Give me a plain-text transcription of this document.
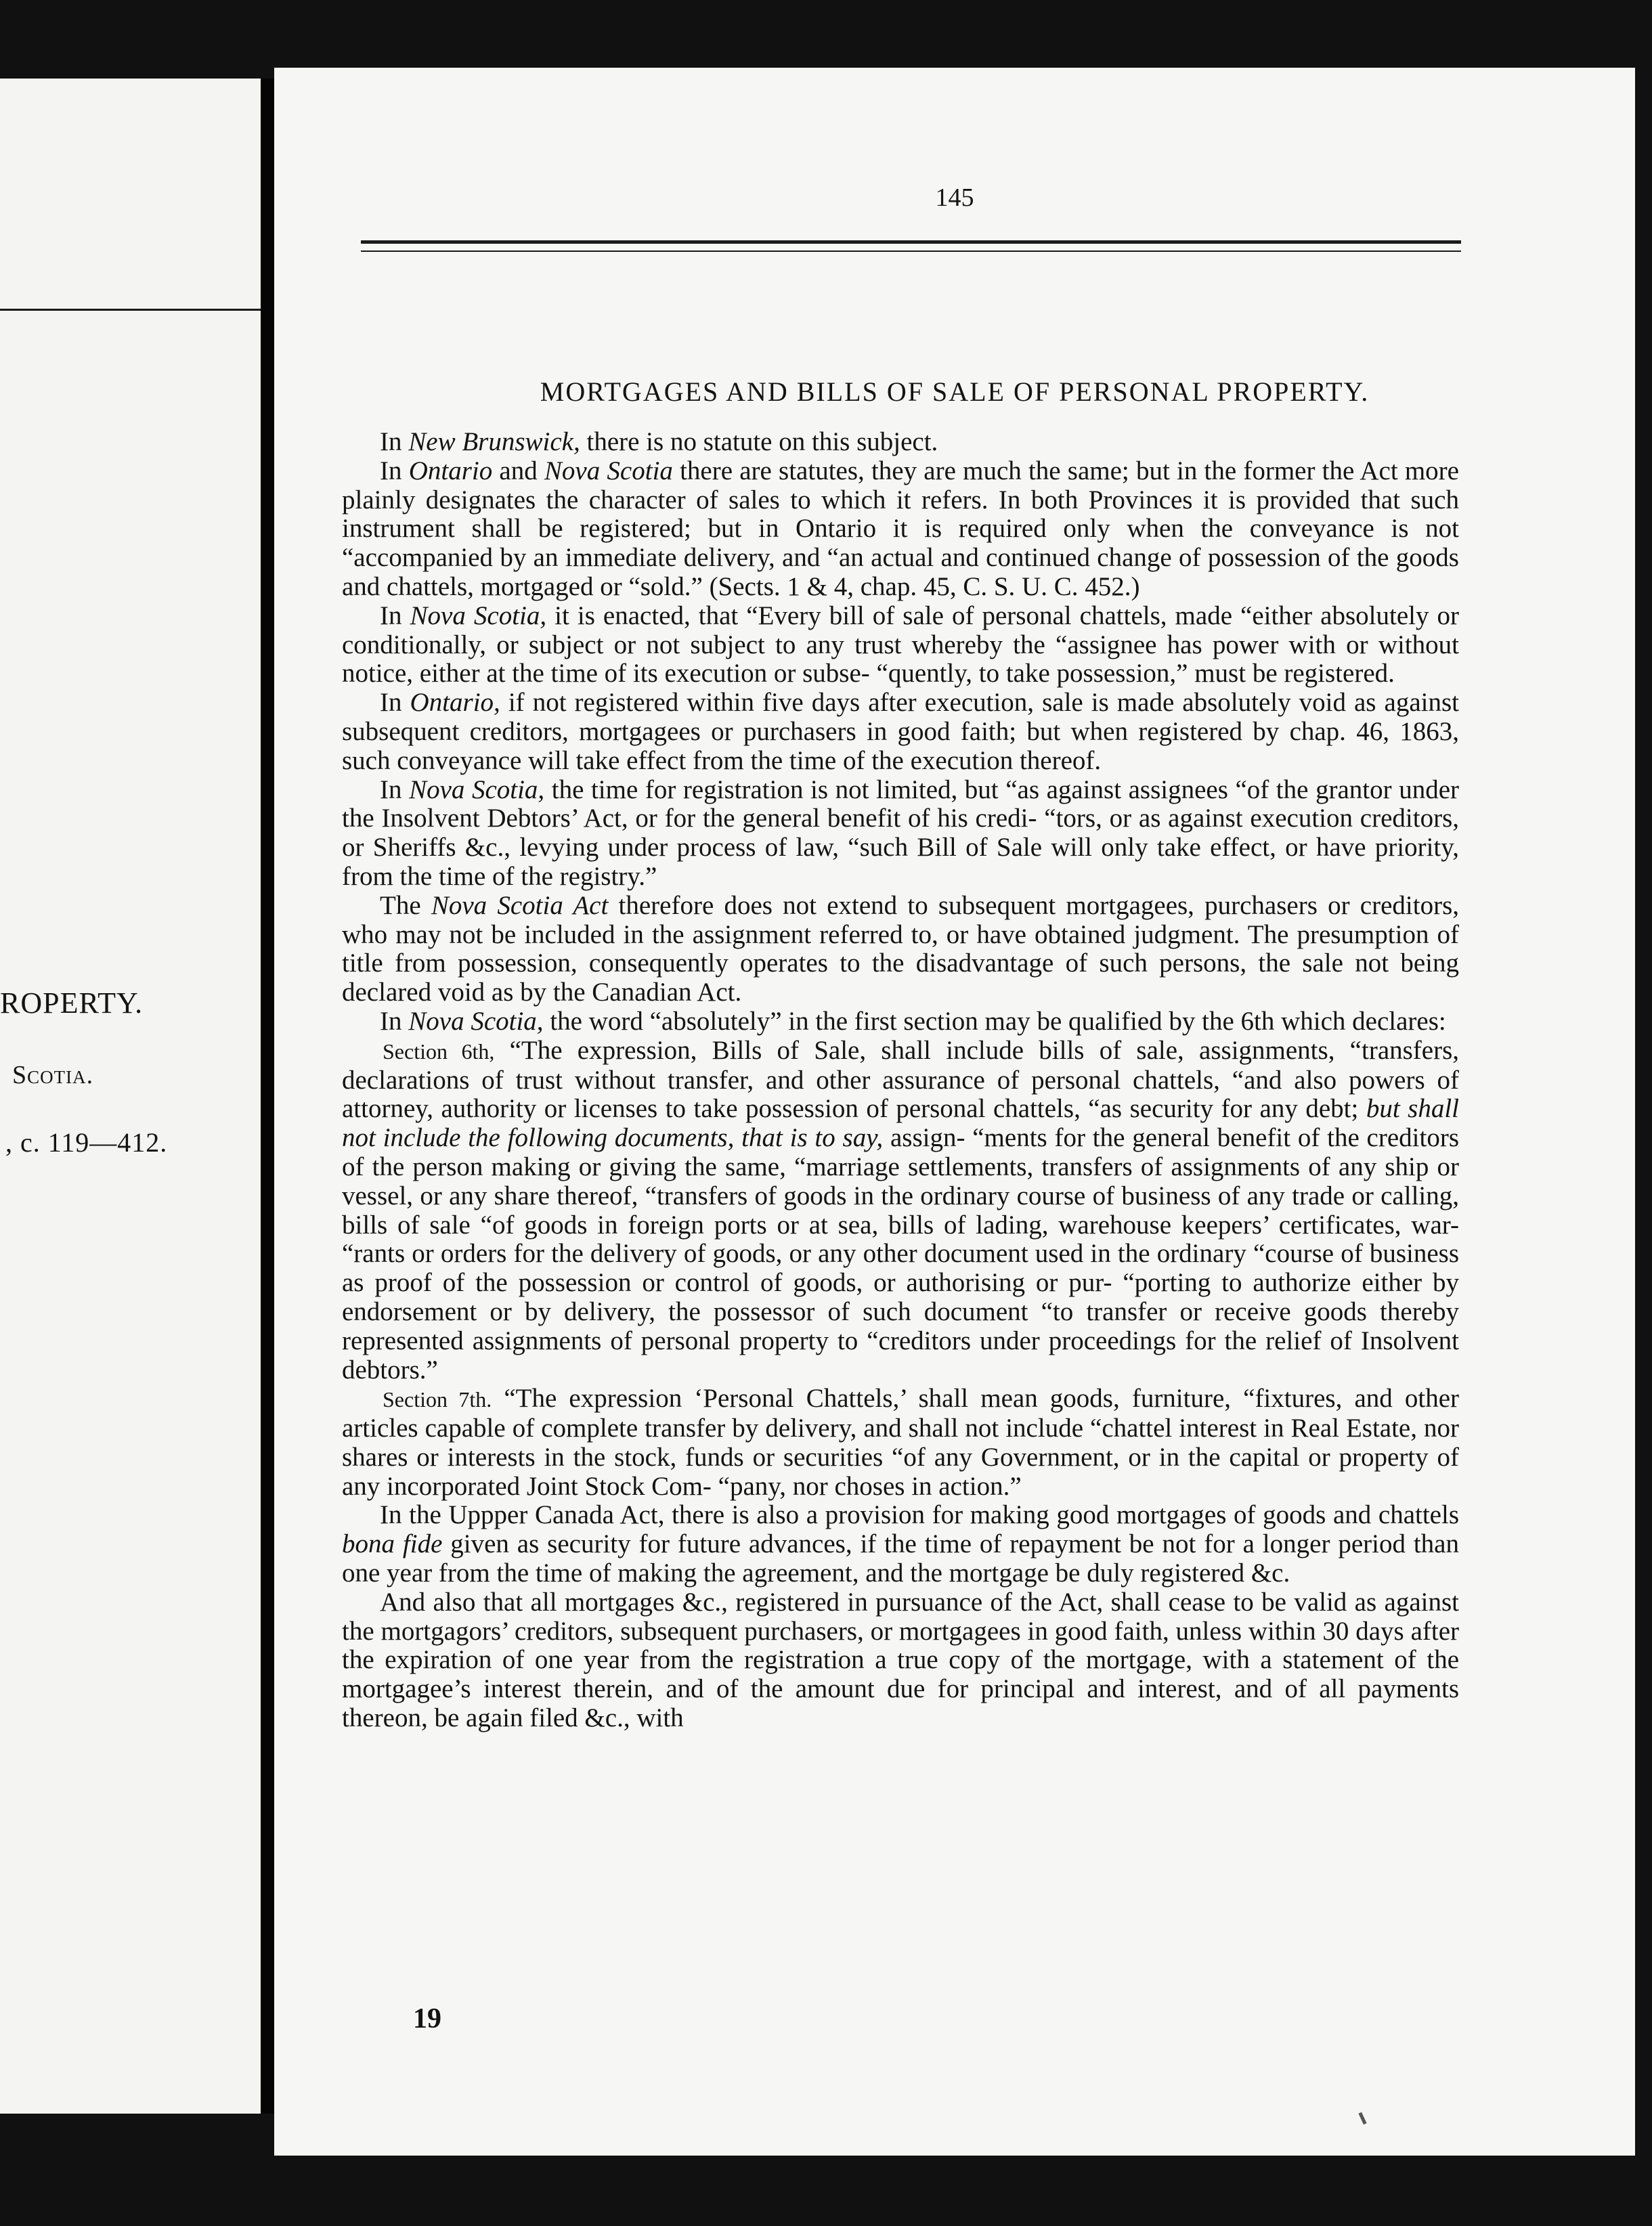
ROPERTY.

Scotia.

, c. 119—412.

145
MORTGAGES AND BILLS OF SALE OF PERSONAL PROPERTY.

In New Brunswick, there is no statute on this subject.

In Ontario and Nova Scotia there are statutes, they are much the same; but in the former the Act more plainly designates the character of sales to which it refers. In both Provinces it is provided that such instrument shall be registered; but in Ontario it is required only when the conveyance is not “accompanied by an immediate delivery, and “an actual and continued change of possession of the goods and chattels, mortgaged or “sold.” (Sects. 1 & 4, chap. 45, C. S. U. C. 452.)

In Nova Scotia, it is enacted, that “Every bill of sale of personal chattels, made “either absolutely or conditionally, or subject or not subject to any trust whereby the “assignee has power with or without notice, either at the time of its execution or subse- “quently, to take possession,” must be registered.

In Ontario, if not registered within five days after execution, sale is made absolutely void as against subsequent creditors, mortgagees or purchasers in good faith; but when registered by chap. 46, 1863, such conveyance will take effect from the time of the execution thereof.

In Nova Scotia, the time for registration is not limited, but “as against assignees “of the grantor under the Insolvent Debtors’ Act, or for the general benefit of his credi- “tors, or as against execution creditors, or Sheriffs &c., levying under process of law, “such Bill of Sale will only take effect, or have priority, from the time of the registry.”

The Nova Scotia Act therefore does not extend to subsequent mortgagees, purchasers or creditors, who may not be included in the assignment referred to, or have obtained judgment. The presumption of title from possession, consequently operates to the disadvantage of such persons, the sale not being declared void as by the Canadian Act.

In Nova Scotia, the word “absolutely” in the first section may be qualified by the 6th which declares:

Section 6th, “The expression, Bills of Sale, shall include bills of sale, assignments, “transfers, declarations of trust without transfer, and other assurance of personal chattels, “and also powers of attorney, authority or licenses to take possession of personal chattels, “as security for any debt; but shall not include the following documents, that is to say, assign- “ments for the general benefit of the creditors of the person making or giving the same, “marriage settlements, transfers of assignments of any ship or vessel, or any share thereof, “transfers of goods in the ordinary course of business of any trade or calling, bills of sale “of goods in foreign ports or at sea, bills of lading, warehouse keepers’ certificates, war- “rants or orders for the delivery of goods, or any other document used in the ordinary “course of business as proof of the possession or control of goods, or authorising or pur- “porting to authorize either by endorsement or by delivery, the possessor of such document “to transfer or receive goods thereby represented assignments of personal property to “creditors under proceedings for the relief of Insolvent debtors.”

Section 7th. “The expression ‘Personal Chattels,’ shall mean goods, furniture, “fixtures, and other articles capable of complete transfer by delivery, and shall not include “chattel interest in Real Estate, nor shares or interests in the stock, funds or securities “of any Government, or in the capital or property of any incorporated Joint Stock Com- “pany, nor choses in action.”

In the Uppper Canada Act, there is also a provision for making good mortgages of goods and chattels bona fide given as security for future advances, if the time of repayment be not for a longer period than one year from the time of making the agreement, and the mortgage be duly registered &c.

And also that all mortgages &c., registered in pursuance of the Act, shall cease to be valid as against the mortgagors’ creditors, subsequent purchasers, or mortgagees in good faith, unless within 30 days after the expiration of one year from the registration a true copy of the mortgage, with a statement of the mortgagee’s interest therein, and of the amount due for principal and interest, and of all payments thereon, be again filed &c., with

19
